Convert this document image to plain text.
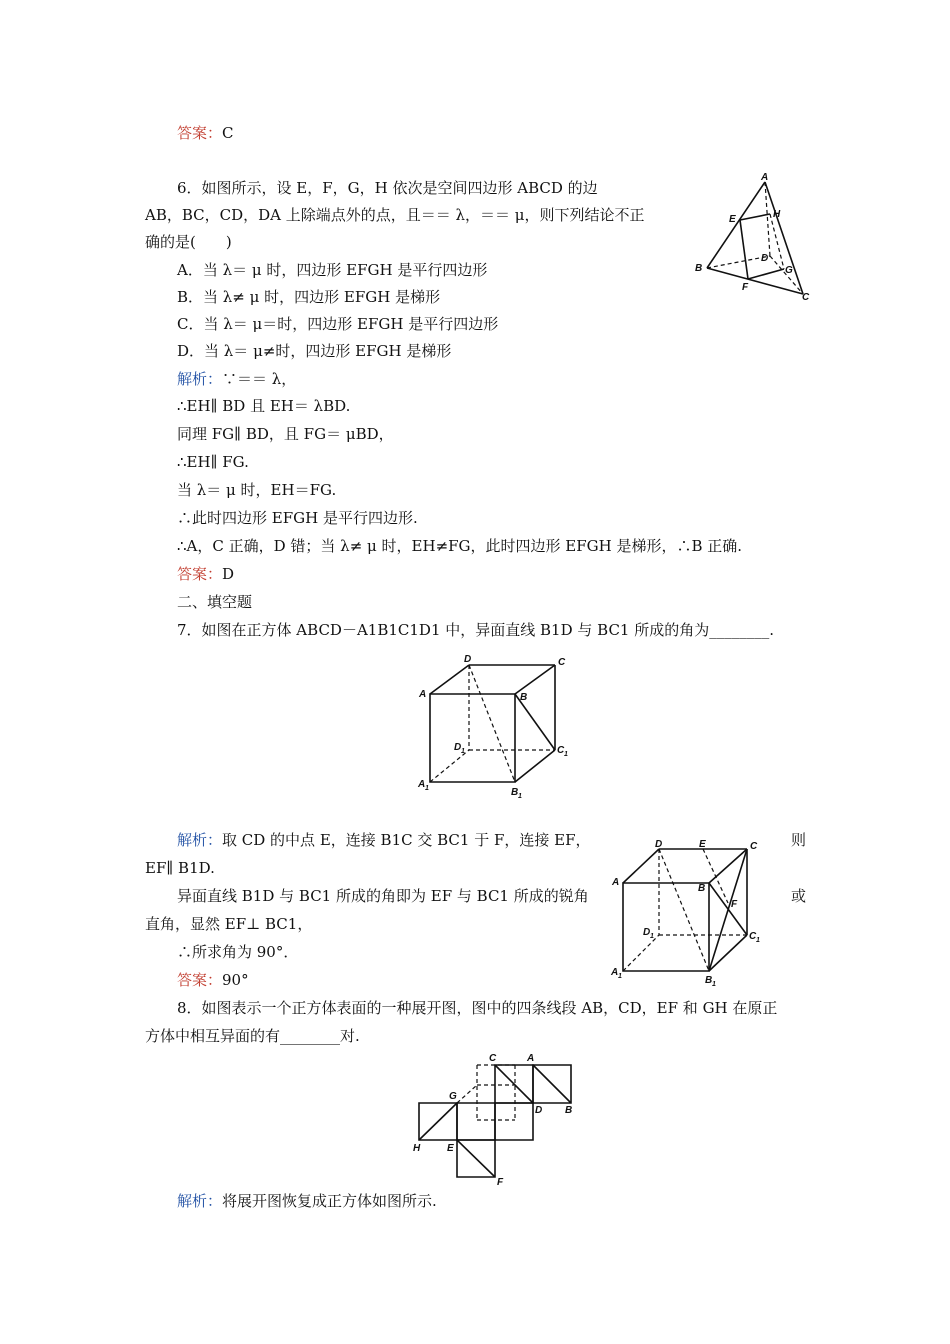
答案：C
6．如图所示，设 E，F，G，H 依次是空间四边形 ABCD 的边
AB，BC，CD，DA 上除端点外的点，且＝＝ λ，＝＝ μ，则下列结论不正
确的是(　　)
A．当 λ＝ μ 时，四边形 EFGH 是平行四边形
B．当 λ≠ μ 时，四边形 EFGH 是梯形
C．当 λ＝ μ＝时，四边形 EFGH 是平行四边形
D．当 λ＝ μ≠时，四边形 EFGH 是梯形
解析：∵＝＝ λ，
∴EH∥ BD 且 EH＝ λBD.
同理 FG∥ BD，且 FG＝ μBD，
∴EH∥ FG.
当 λ＝ μ 时，EH＝FG.
∴此时四边形 EFGH 是平行四边形.
∴A，C 正确，D 错；当 λ≠ μ 时，EH≠FG，此时四边形 EFGH 是梯形，∴B 正确.
答案：D
A
E	H
B
D
G
F
C
二、填空题
7．如图在正方体 ABCD－A1B1C1D1 中，异面直线 B1D 与 BC1 所成的角为________.
D	C
A	B
D 1	C 1
A 1	B 1
解析：取 CD 的中点 E，连接 B1C 交 BC1 于 F，连接 EF，	则
EF∥ B1D.
异面直线 B1D 与 BC1 所成的角即为 EF 与 BC1 所成的锐角	或
直角，显然 EF⊥ BC1，
∴所求角为 90°．
答案：90°
D	E	C
A
B
F
D 1	C 1
A 1	B 1
8．如图表示一个正方体表面的一种展开图，图中的四条线段 AB，CD，EF 和 GH 在原正
方体中相互异面的有________对.
C	A
G
D B
H	E
F
解析：将展开图恢复成正方体如图所示.
